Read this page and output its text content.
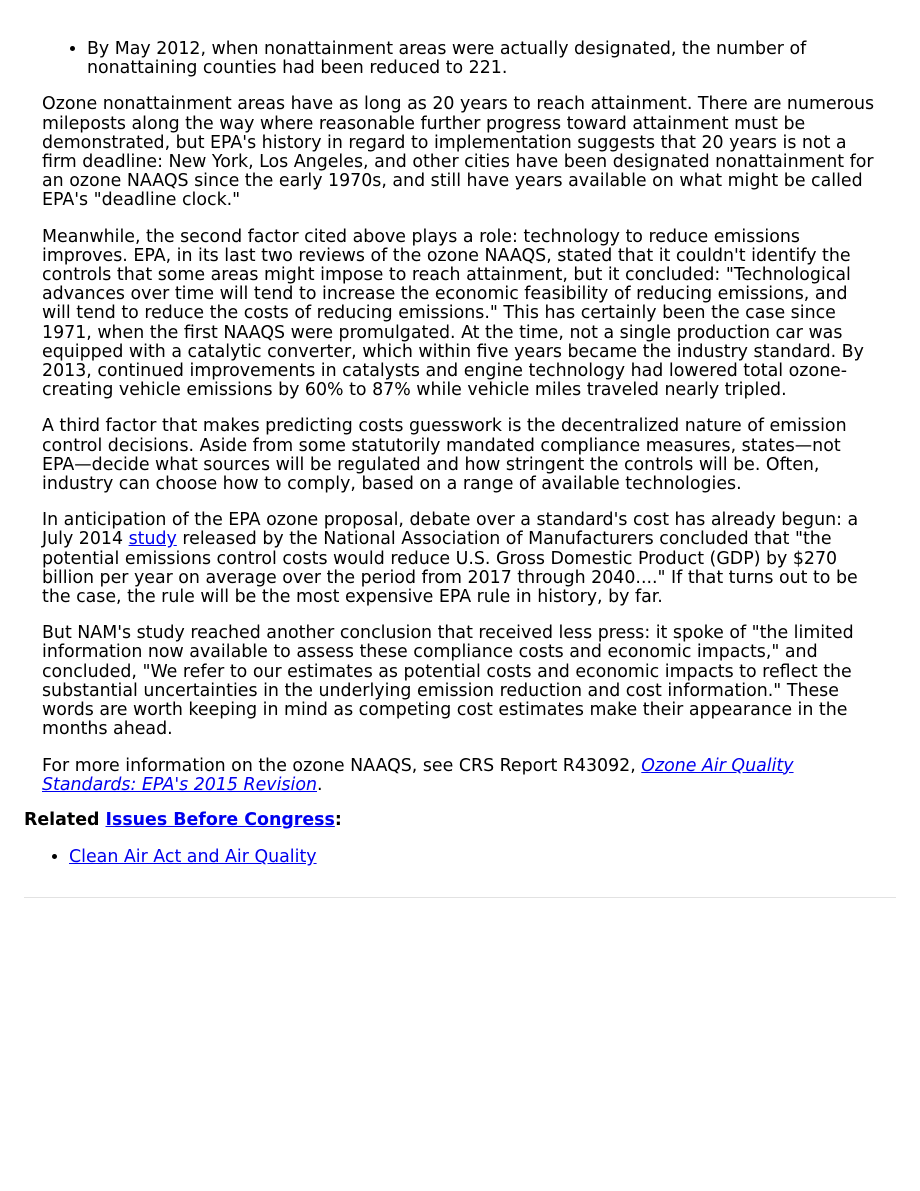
• By May 2012, when nonattainment areas were actually designated, the number of nonattaining counties had been reduced to 221.

Ozone nonattainment areas have as long as 20 years to reach attainment. There are numerous mileposts along the way where reasonable further progress toward attainment must be demonstrated, but EPA's history in regard to implementation suggests that 20 years is not a firm deadline: New York, Los Angeles, and other cities have been designated nonattainment for an ozone NAAQS since the early 1970s, and still have years available on what might be called EPA's "deadline clock."

Meanwhile, the second factor cited above plays a role: technology to reduce emissions improves. EPA, in its last two reviews of the ozone NAAQS, stated that it couldn't identify the controls that some areas might impose to reach attainment, but it concluded: "Technological advances over time will tend to increase the economic feasibility of reducing emissions, and will tend to reduce the costs of reducing emissions." This has certainly been the case since 1971, when the first NAAQS were promulgated. At the time, not a single production car was equipped with a catalytic converter, which within five years became the industry standard. By 2013, continued improvements in catalysts and engine technology had lowered total ozone-creating vehicle emissions by 60% to 87% while vehicle miles traveled nearly tripled.

A third factor that makes predicting costs guesswork is the decentralized nature of emission control decisions. Aside from some statutorily mandated compliance measures, states—not EPA—decide what sources will be regulated and how stringent the controls will be. Often, industry can choose how to comply, based on a range of available technologies.

In anticipation of the EPA ozone proposal, debate over a standard's cost has already begun: a July 2014 study released by the National Association of Manufacturers concluded that "the potential emissions control costs would reduce U.S. Gross Domestic Product (GDP) by $270 billion per year on average over the period from 2017 through 2040...." If that turns out to be the case, the rule will be the most expensive EPA rule in history, by far.

But NAM's study reached another conclusion that received less press: it spoke of "the limited information now available to assess these compliance costs and economic impacts," and concluded, "We refer to our estimates as potential costs and economic impacts to reflect the substantial uncertainties in the underlying emission reduction and cost information." These words are worth keeping in mind as competing cost estimates make their appearance in the months ahead.

For more information on the ozone NAAQS, see CRS Report R43092, Ozone Air Quality Standards: EPA's 2015 Revision.

Related Issues Before Congress:

• Clean Air Act and Air Quality
